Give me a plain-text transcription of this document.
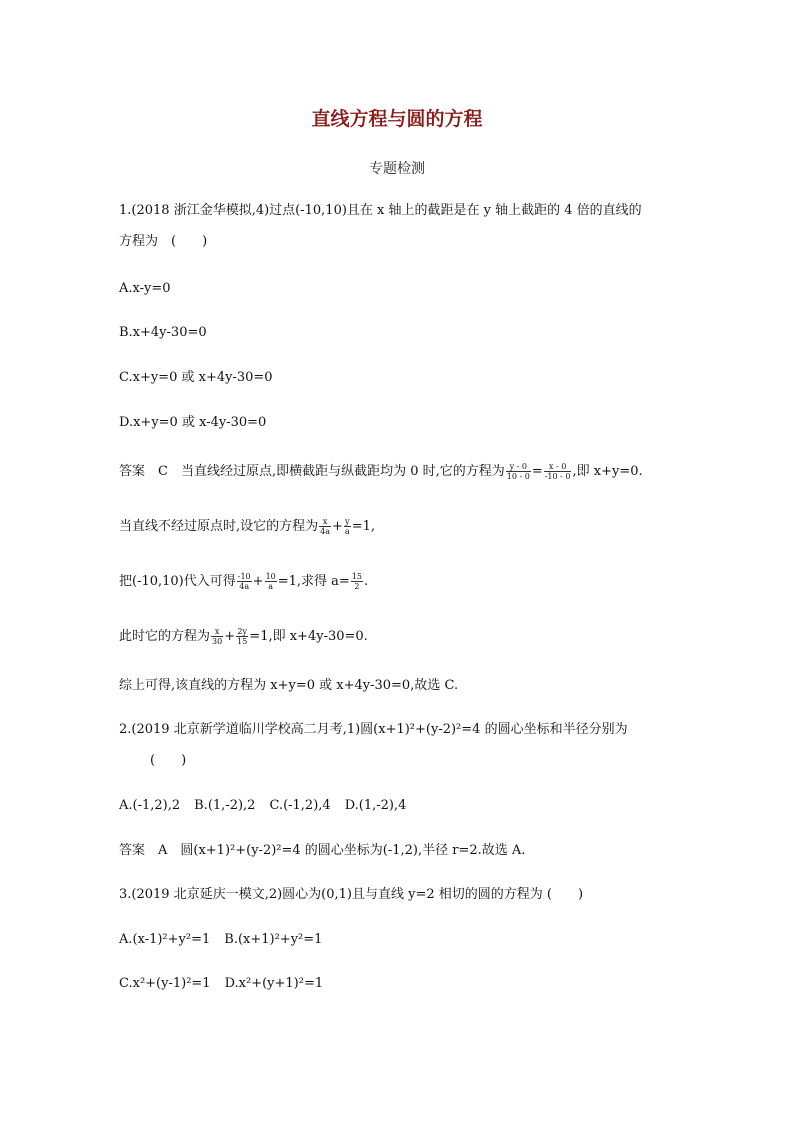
直线方程与圆的方程
专题检测
1.(2018 浙江金华模拟,4)过点(-10,10)且在 x 轴上的截距是在 y 轴上截距的 4 倍的直线的
方程为　(　　)
A.x-y=0
B.x+4y-30=0
C.x+y=0 或 x+4y-30=0
D.x+y=0 或 x-4y-30=0
答案　C　当直线经过原点,即横截距与纵截距均为 0 时,它的方程为 $\frac{y - 0}{10 - 0} = \frac{x - 0}{-10 - 0}$ ,即 x+y=0.
当直线不经过原点时,设它的方程为 $\frac{x}{4a} + \frac{y}{a} =1$,
把(-10,10)代入可得 $\frac{-10}{4a} + \frac{10}{a} =1$,求得 $a= \frac{15}{2}$ .
此时它的方程为 $\frac{x}{30} + \frac{2y}{15} =1$,即 x+4y-30=0.
综上可得,该直线的方程为 x+y=0 或 x+4y-30=0,故选 C.
2.(2019 北京新学道临川学校高二月考,1)圆(x+1)²+(y-2)²=4 的圆心坐标和半径分别为
(　　)
A.(-1,2),2 B.(1,-2),2 C.(-1,2),4 D.(1,-2),4
答案　A　圆(x+1)²+(y-2)²=4 的圆心坐标为(-1,2),半径 r=2.故选 A.
3.(2019 北京延庆一模文,2)圆心为(0,1)且与直线 y=2 相切的圆的方程为 (　　)
A.(x-1)²+y²=1 B.(x+1)²+y²=1
C.x²+(y-1)²=1 D.x²+(y+1)²=1
